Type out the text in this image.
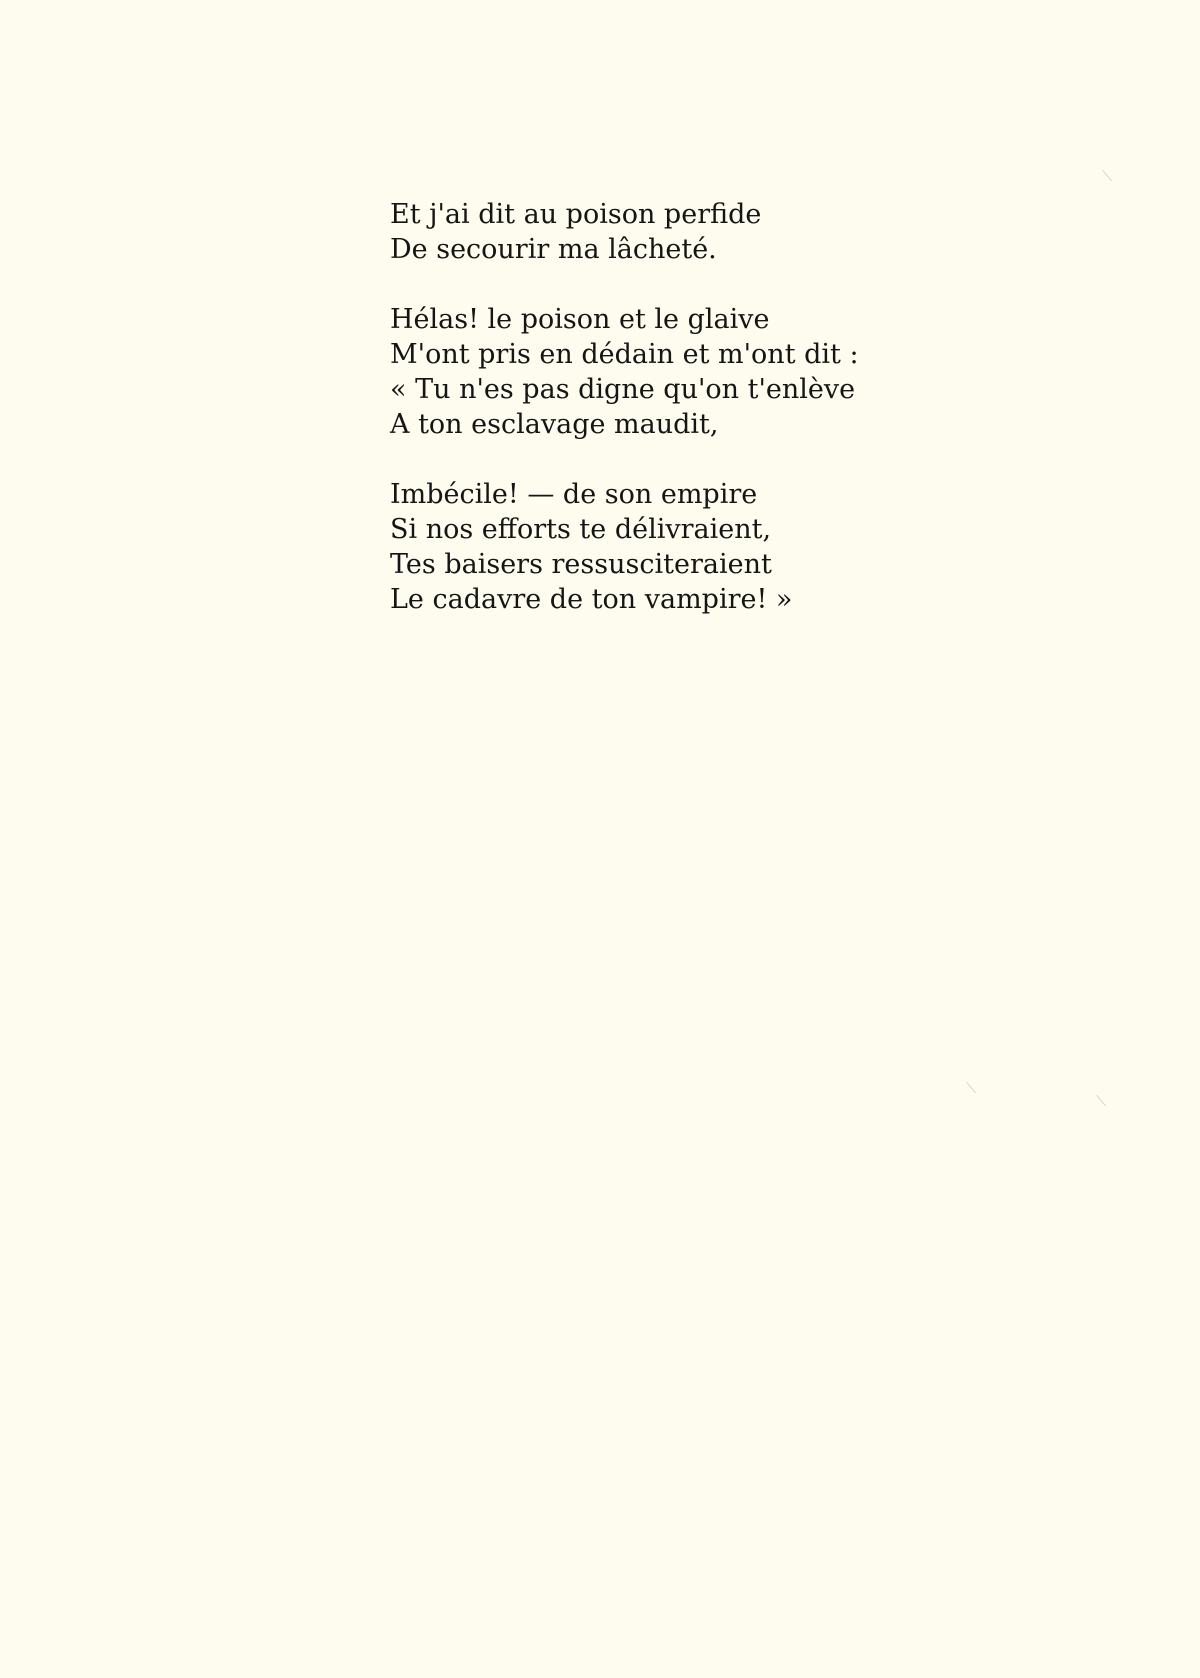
Et j'ai dit au poison perfide
De secourir ma lâcheté.
Hélas! le poison et le glaive
M'ont pris en dédain et m'ont dit :
« Tu n'es pas digne qu'on t'enlève
A ton esclavage maudit,
Imbécile! — de son empire
Si nos efforts te délivraient,
Tes baisers ressusciteraient
Le cadavre de ton vampire! »
